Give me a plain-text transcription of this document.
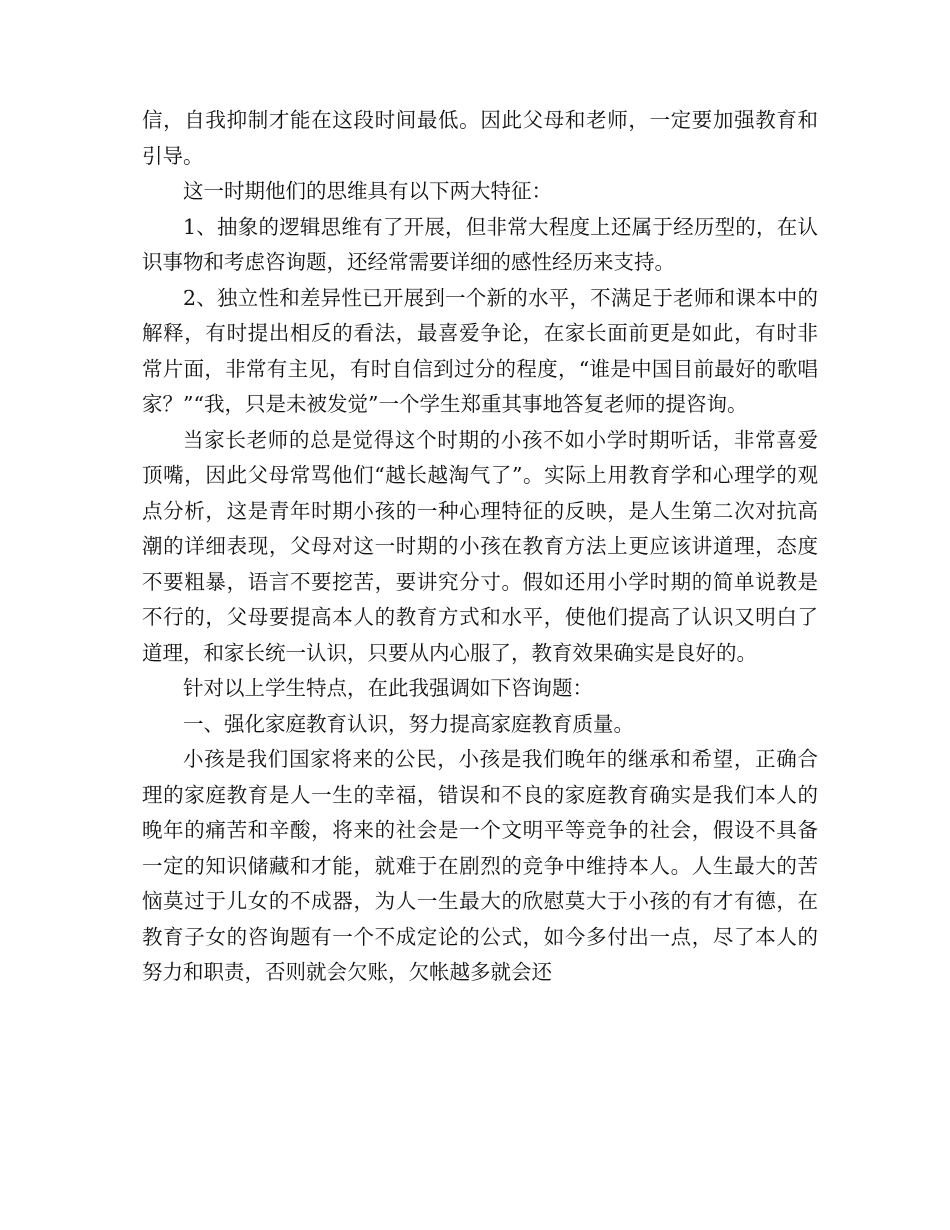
信，自我抑制才能在这段时间最低。因此父母和老师，一定要加强教育和引导。

这一时期他们的思维具有以下两大特征：

1、抽象的逻辑思维有了开展，但非常大程度上还属于经历型的，在认识事物和考虑咨询题，还经常需要详细的感性经历来支持。

2、独立性和差异性已开展到一个新的水平，不满足于老师和课本中的解释，有时提出相反的看法，最喜爱争论，在家长面前更是如此，有时非常片面，非常有主见，有时自信到过分的程度，“谁是中国目前最好的歌唱家？”“我，只是未被发觉”一个学生郑重其事地答复老师的提咨询。

当家长老师的总是觉得这个时期的小孩不如小学时期听话，非常喜爱顶嘴，因此父母常骂他们“越长越淘气了”。实际上用教育学和心理学的观点分析，这是青年时期小孩的一种心理特征的反映，是人生第二次对抗高潮的详细表现，父母对这一时期的小孩在教育方法上更应该讲道理，态度不要粗暴，语言不要挖苦，要讲究分寸。假如还用小学时期的简单说教是不行的，父母要提高本人的教育方式和水平，使他们提高了认识又明白了道理，和家长统一认识，只要从内心服了，教育效果确实是良好的。

针对以上学生特点，在此我强调如下咨询题：

一、强化家庭教育认识，努力提高家庭教育质量。

小孩是我们国家将来的公民，小孩是我们晚年的继承和希望，正确合理的家庭教育是人一生的幸福，错误和不良的家庭教育确实是我们本人的晚年的痛苦和辛酸，将来的社会是一个文明平等竞争的社会，假设不具备一定的知识储藏和才能，就难于在剧烈的竞争中维持本人。人生最大的苦恼莫过于儿女的不成器，为人一生最大的欣慰莫大于小孩的有才有德，在教育子女的咨询题有一个不成定论的公式，如今多付出一点，尽了本人的努力和职责，否则就会欠账，欠帐越多就会还
